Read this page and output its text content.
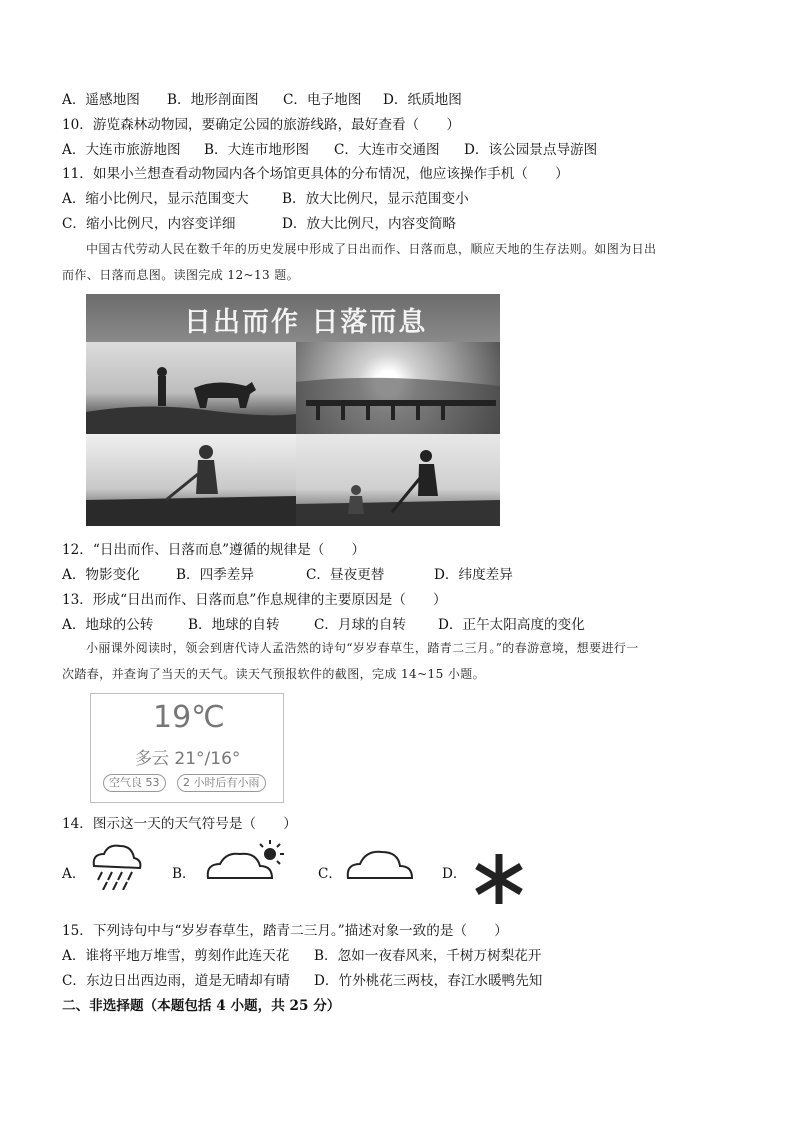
A．遥感地图 B．地形剖面图 C．电子地图 D．纸质地图
10．游览森林动物园，要确定公园的旅游线路，最好查看（　　）
A．大连市旅游地图 B．大连市地形图 C．大连市交通图 D．该公园景点导游图
11．如果小兰想查看动物园内各个场馆更具体的分布情况，他应该操作手机（　　）
A．缩小比例尺，显示范围变大 B．放大比例尺，显示范围变小
C．缩小比例尺，内容变详细	D．放大比例尺，内容变简略
中国古代劳动人民在数千年的历史发展中形成了日出而作、日落而息，顺应天地的生存法则。如图为日出
而作、日落而息图。读图完成 12~13 题。
日出而作 日落而息
12．“日出而作、日落而息”遵循的规律是（　　）
A．物影变化	B．四季差异	C．昼夜更替	D．纬度差异
13．形成“日出而作、日落而息”作息规律的主要原因是（　　）
A．地球的公转	B．地球的自转	C．月球的自转 D．正午太阳高度的变化
小丽课外阅读时，领会到唐代诗人孟浩然的诗句“岁岁春草生，踏青二三月。”的春游意境，想要进行一
次踏春，并查询了当天的天气。读天气预报软件的截图，完成 14~15 小题。
19℃
多云 21°/16°
空气良 53	2 小时后有小雨
14．图示这一天的天气符号是（　　）
A．	B．	C．	D．
15．下列诗句中与“岁岁春草生，踏青二三月。”描述对象一致的是（　　）
A．谁将平地万堆雪，剪刻作此连天花 B．忽如一夜春风来，千树万树梨花开
C．东边日出西边雨，道是无晴却有晴 D．竹外桃花三两枝，春江水暖鸭先知
二、非选择题（本题包括 4 小题，共 25 分）
